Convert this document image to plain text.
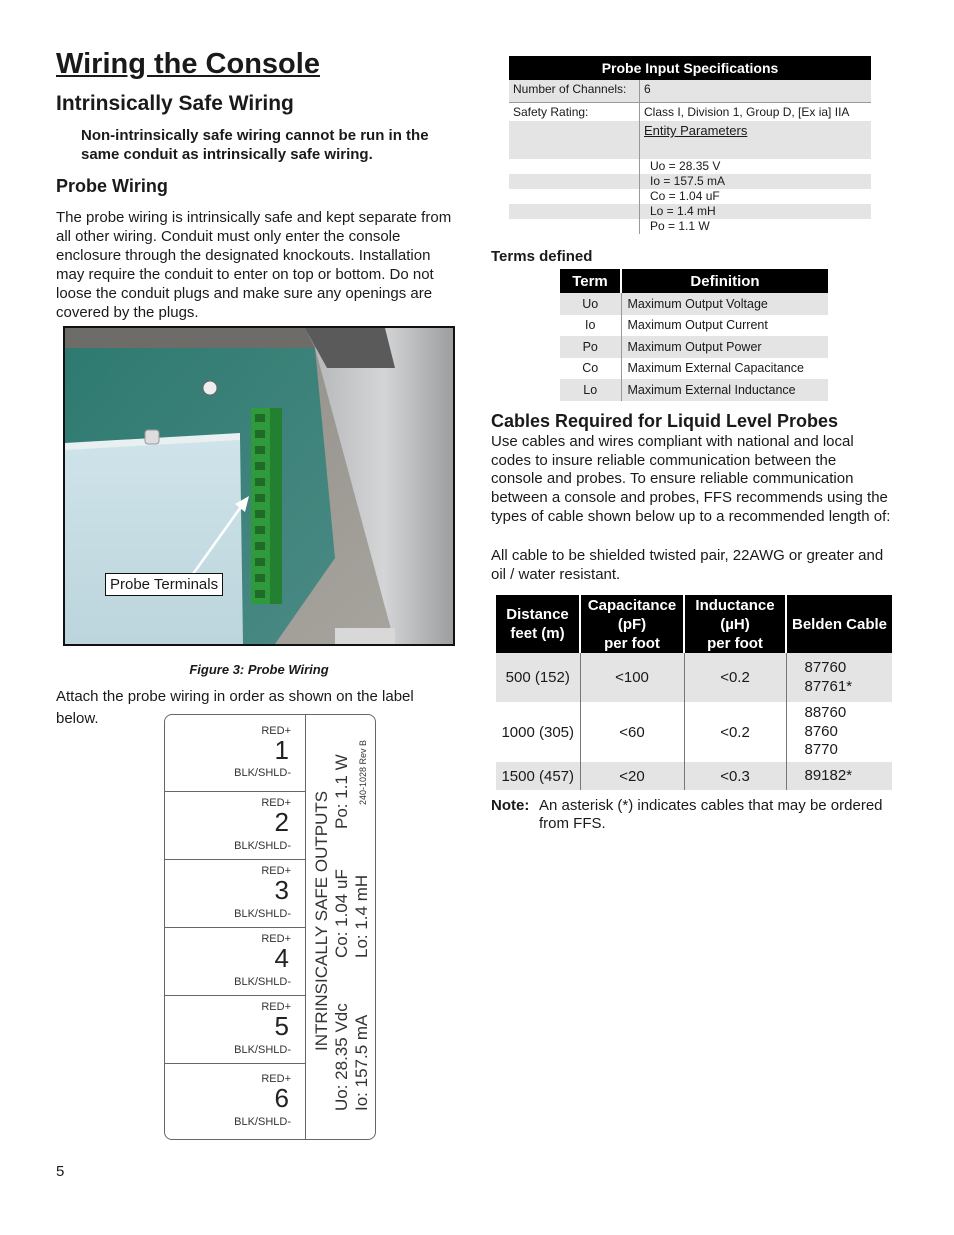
Wiring the Console
Intrinsically Safe Wiring
Non-intrinsically safe wiring cannot be run in the same conduit as intrinsically safe wiring.
Probe Wiring
The probe wiring is intrinsically safe and kept separate from all other wiring. Conduit must only enter the console enclosure through the designated knockouts. Installation may require the conduit to enter on top or bottom. Do not loose the conduit plugs and make sure any openings are covered by the plugs.
Probe Terminals
Figure 3: Probe Wiring
Attach the probe wiring in order as shown on the label below.
RED+
1
BLK/SHLD-
RED+
2
BLK/SHLD-
RED+
3
BLK/SHLD-
RED+
4
BLK/SHLD-
RED+
5
BLK/SHLD-
RED+
6
BLK/SHLD-
INTRINSICALLY SAFE OUTPUTS
Uo: 28.35 Vdc Io: 157.5 mA
Co: 1.04 uF Lo: 1.4 mH
Po: 1.1 W 240-1028 Rev B
5
Probe Input Specifications	
Number of Channels:	6
Safety Rating:	Class I, Division 1, Group D, [Ex ia] IIA
	Entity Parameters
	Uo = 28.35 V
	Io = 157.5 mA
	Co = 1.04 uF
	Lo = 1.4 mH
	Po = 1.1 W
Terms defined
Term	Definition
Uo	Maximum Output Voltage
Io	Maximum Output Current
Po	Maximum Output Power
Co	Maximum External Capacitance
Lo	Maximum External Inductance
Cables Required for Liquid Level Probes
Use cables and wires compliant with national and local codes to insure reliable communication between the console and probes. To ensure reliable communication between a console and probes, FFS recommends using the types of cable shown below up to a recommended length of:
All cable to be shielded twisted pair, 22AWG or greater and oil / water resistant.
Distance
feet (m)	Capacitance
(pF)
per foot	Inductance
(µH)
per foot	Belden Cable
500 (152)	<100	<0.2	87760
87761*
1000 (305)	<60	<0.2	88760
8760
8770
1500 (457)	<20	<0.3	89182*
Note: An asterisk (*) indicates cables that may be ordered from FFS.
